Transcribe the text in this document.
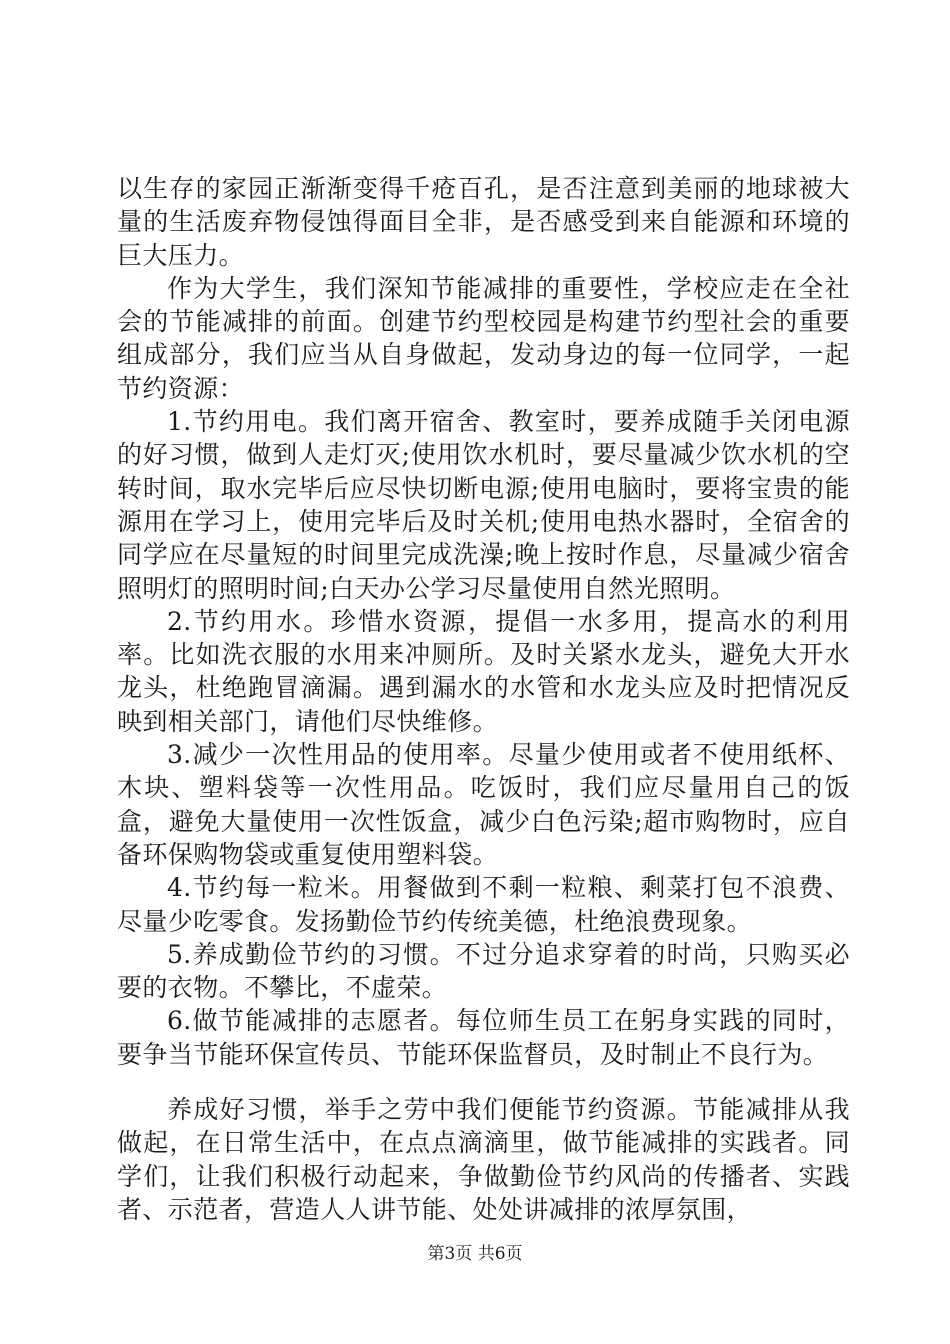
以生存的家园正渐渐变得千疮百孔，是否注意到美丽的地球被大量的生活废弃物侵蚀得面目全非，是否感受到来自能源和环境的巨大压力。

作为大学生，我们深知节能减排的重要性，学校应走在全社会的节能减排的前面。创建节约型校园是构建节约型社会的重要组成部分，我们应当从自身做起，发动身边的每一位同学，一起节约资源：

1.节约用电。我们离开宿舍、教室时，要养成随手关闭电源的好习惯，做到人走灯灭;使用饮水机时，要尽量减少饮水机的空转时间，取水完毕后应尽快切断电源;使用电脑时，要将宝贵的能源用在学习上，使用完毕后及时关机;使用电热水器时，全宿舍的同学应在尽量短的时间里完成洗澡;晚上按时作息，尽量减少宿舍照明灯的照明时间;白天办公学习尽量使用自然光照明。

2.节约用水。珍惜水资源，提倡一水多用，提高水的利用率。比如洗衣服的水用来冲厕所。及时关紧水龙头，避免大开水龙头，杜绝跑冒滴漏。遇到漏水的水管和水龙头应及时把情况反映到相关部门，请他们尽快维修。

3.减少一次性用品的使用率。尽量少使用或者不使用纸杯、木块、塑料袋等一次性用品。吃饭时，我们应尽量用自己的饭盒，避免大量使用一次性饭盒，减少白色污染;超市购物时，应自备环保购物袋或重复使用塑料袋。

4.节约每一粒米。用餐做到不剩一粒粮、剩菜打包不浪费、尽量少吃零食。发扬勤俭节约传统美德，杜绝浪费现象。

5.养成勤俭节约的习惯。不过分追求穿着的时尚，只购买必要的衣物。不攀比，不虚荣。

6.做节能减排的志愿者。每位师生员工在躬身实践的同时，要争当节能环保宣传员、节能环保监督员，及时制止不良行为。

养成好习惯，举手之劳中我们便能节约资源。节能减排从我做起，在日常生活中，在点点滴滴里，做节能减排的实践者。同学们，让我们积极行动起来，争做勤俭节约风尚的传播者、实践者、示范者，营造人人讲节能、处处讲减排的浓厚氛围，

第3页 共6页
